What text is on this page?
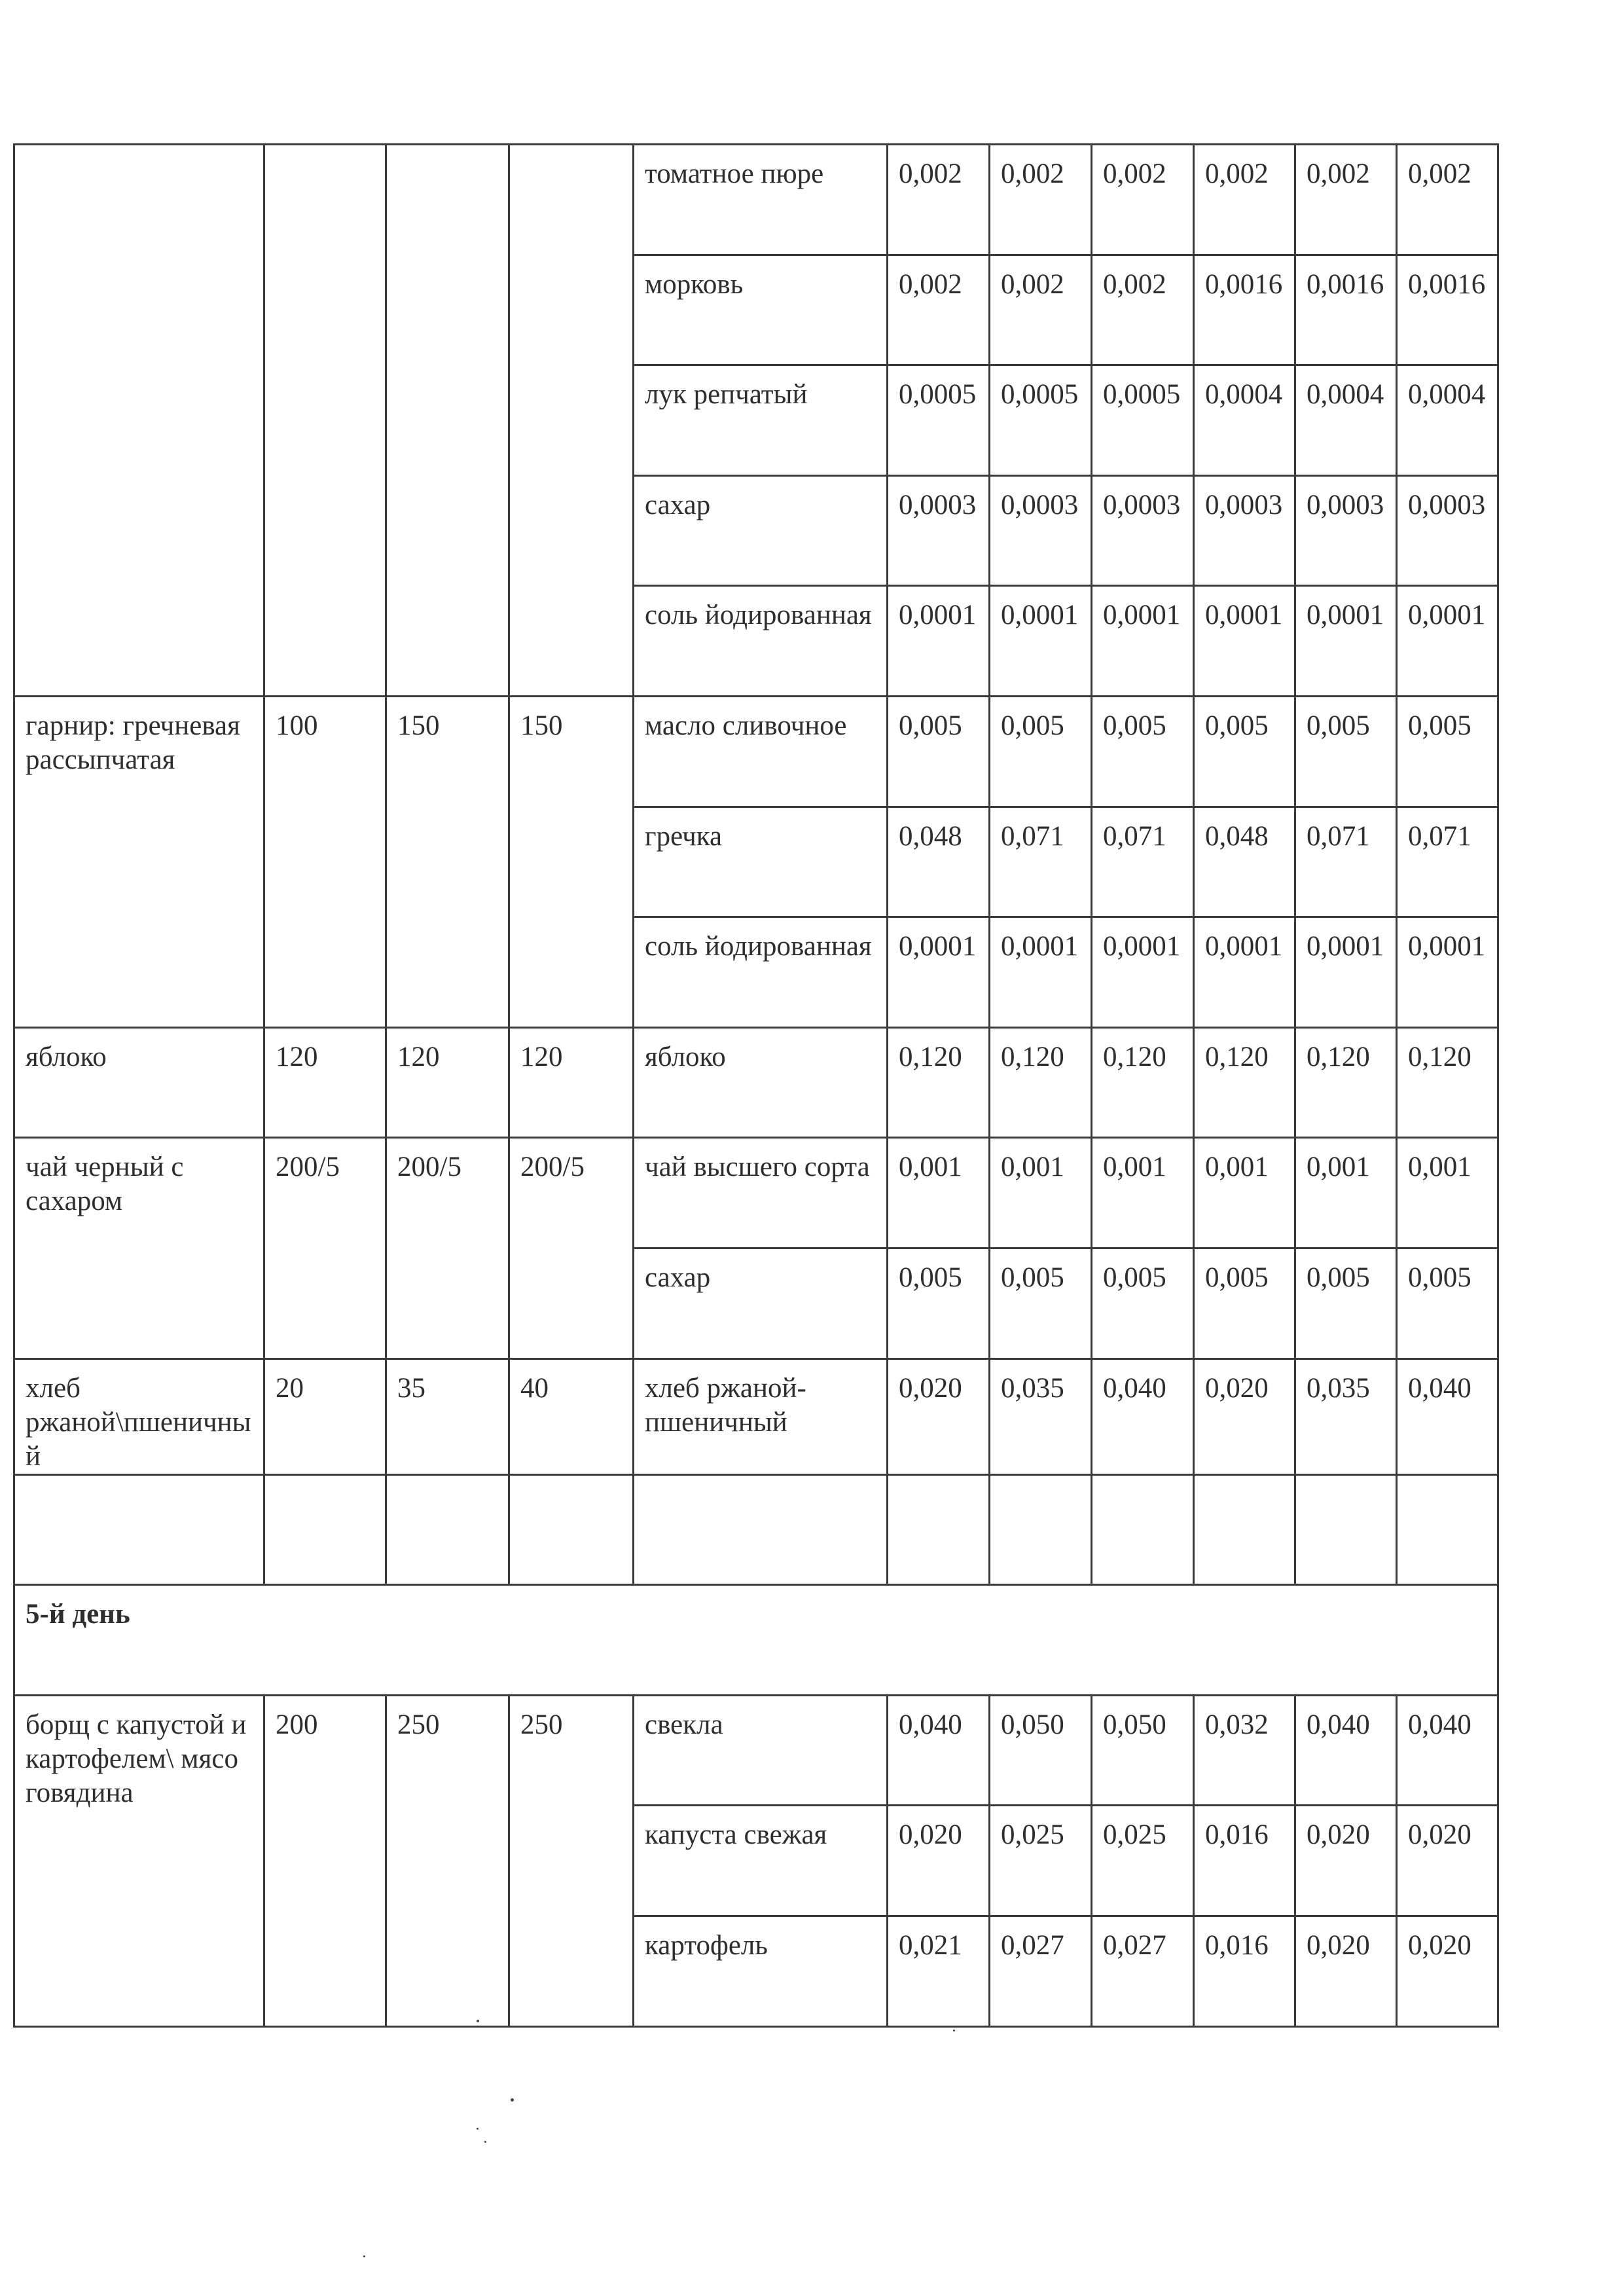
				томатное пюре	0,002	0,002	0,002	0,002	0,002	0,002
				морковь	0,002	0,002	0,002	0,0016	0,0016	0,0016
				лук репчатый	0,0005	0,0005	0,0005	0,0004	0,0004	0,0004
				сахар	0,0003	0,0003	0,0003	0,0003	0,0003	0,0003
				соль йодированная	0,0001	0,0001	0,0001	0,0001	0,0001	0,0001
гарнир: гречневая рассыпчатая	100	150	150	масло сливочное	0,005	0,005	0,005	0,005	0,005	0,005
				гречка	0,048	0,071	0,071	0,048	0,071	0,071
				соль йодированная	0,0001	0,0001	0,0001	0,0001	0,0001	0,0001
яблоко	120	120	120	яблоко	0,120	0,120	0,120	0,120	0,120	0,120
чай черный с сахаром	200/5	200/5	200/5	чай высшего сорта	0,001	0,001	0,001	0,001	0,001	0,001
				сахар	0,005	0,005	0,005	0,005	0,005	0,005
хлеб ржаной\пшеничный	20	35	40	хлеб ржаной-пшеничный	0,020	0,035	0,040	0,020	0,035	0,040

5-й день										
борщ с капустой и картофелем\ мясо говядина	200	250	250	свекла	0,040	0,050	0,050	0,032	0,040	0,040
				капуста свежая	0,020	0,025	0,025	0,016	0,020	0,020
				картофель	0,021	0,027	0,027	0,016	0,020	0,020
